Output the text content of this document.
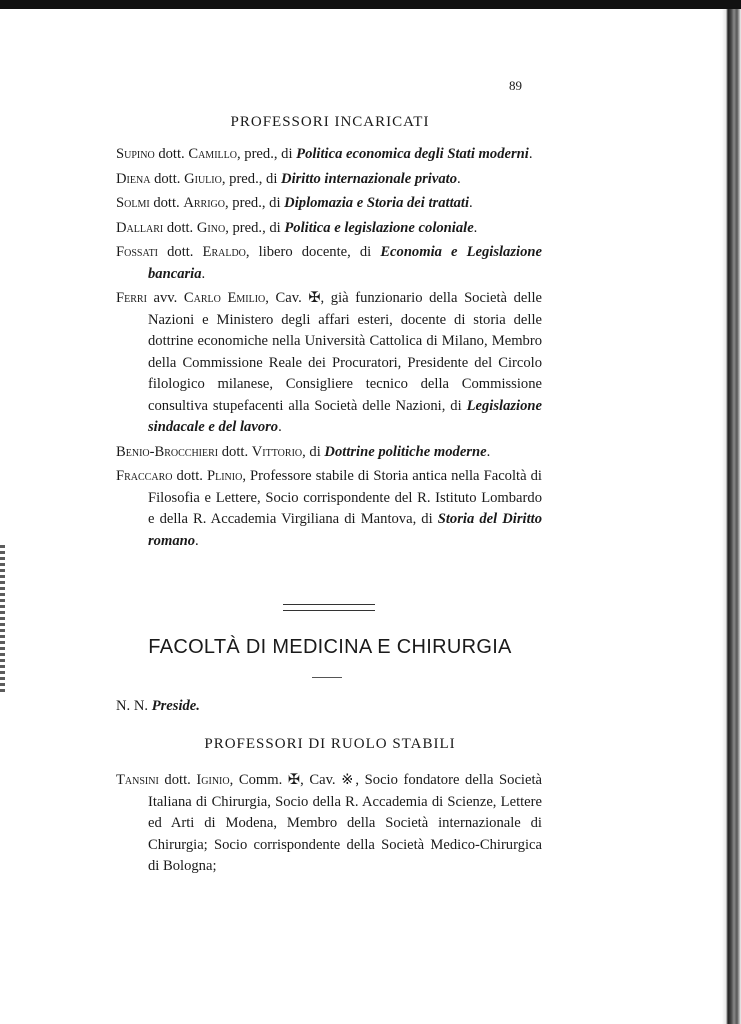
89
PROFESSORI INCARICATI
Supino dott. Camillo, pred., di Politica economica degli Stati moderni.
Diena dott. Giulio, pred., di Diritto internazionale privato.
Solmi dott. Arrigo, pred., di Diplomazia e Storia dei trattati.
Dallari dott. Gino, pred., di Politica e legislazione coloniale.
Fossati dott. Eraldo, libero docente, di Economia e Legislazione bancaria.
Ferri avv. Carlo Emilio, Cav. ✠, già funzionario della Società delle Nazioni e Ministero degli affari esteri, docente di storia delle dottrine economiche nella Università Cattolica di Milano, Membro della Commissione Reale dei Procuratori, Presidente del Circolo filologico milanese, Consigliere tecnico della Commissione consultiva stupefacenti alla Società delle Nazioni, di Legislazione sindacale e del lavoro.
Benio-Brocchieri dott. Vittorio, di Dottrine politiche moderne.
Fraccaro dott. Plinio, Professore stabile di Storia antica nella Facoltà di Filosofia e Lettere, Socio corrispondente del R. Istituto Lombardo e della R. Accademia Virgiliana di Mantova, di Storia del Diritto romano.
FACOLTÀ DI MEDICINA E CHIRURGIA
N. N. Preside.
PROFESSORI DI RUOLO STABILI
Tansini dott. Iginio, Comm. ✠, Cav. ※, Socio fondatore della Società Italiana di Chirurgia, Socio della R. Accademia di Scienze, Lettere ed Arti di Modena, Membro della Società internazionale di Chirurgia; Socio corrispondente della Società Medico-Chirurgica di Bologna;
